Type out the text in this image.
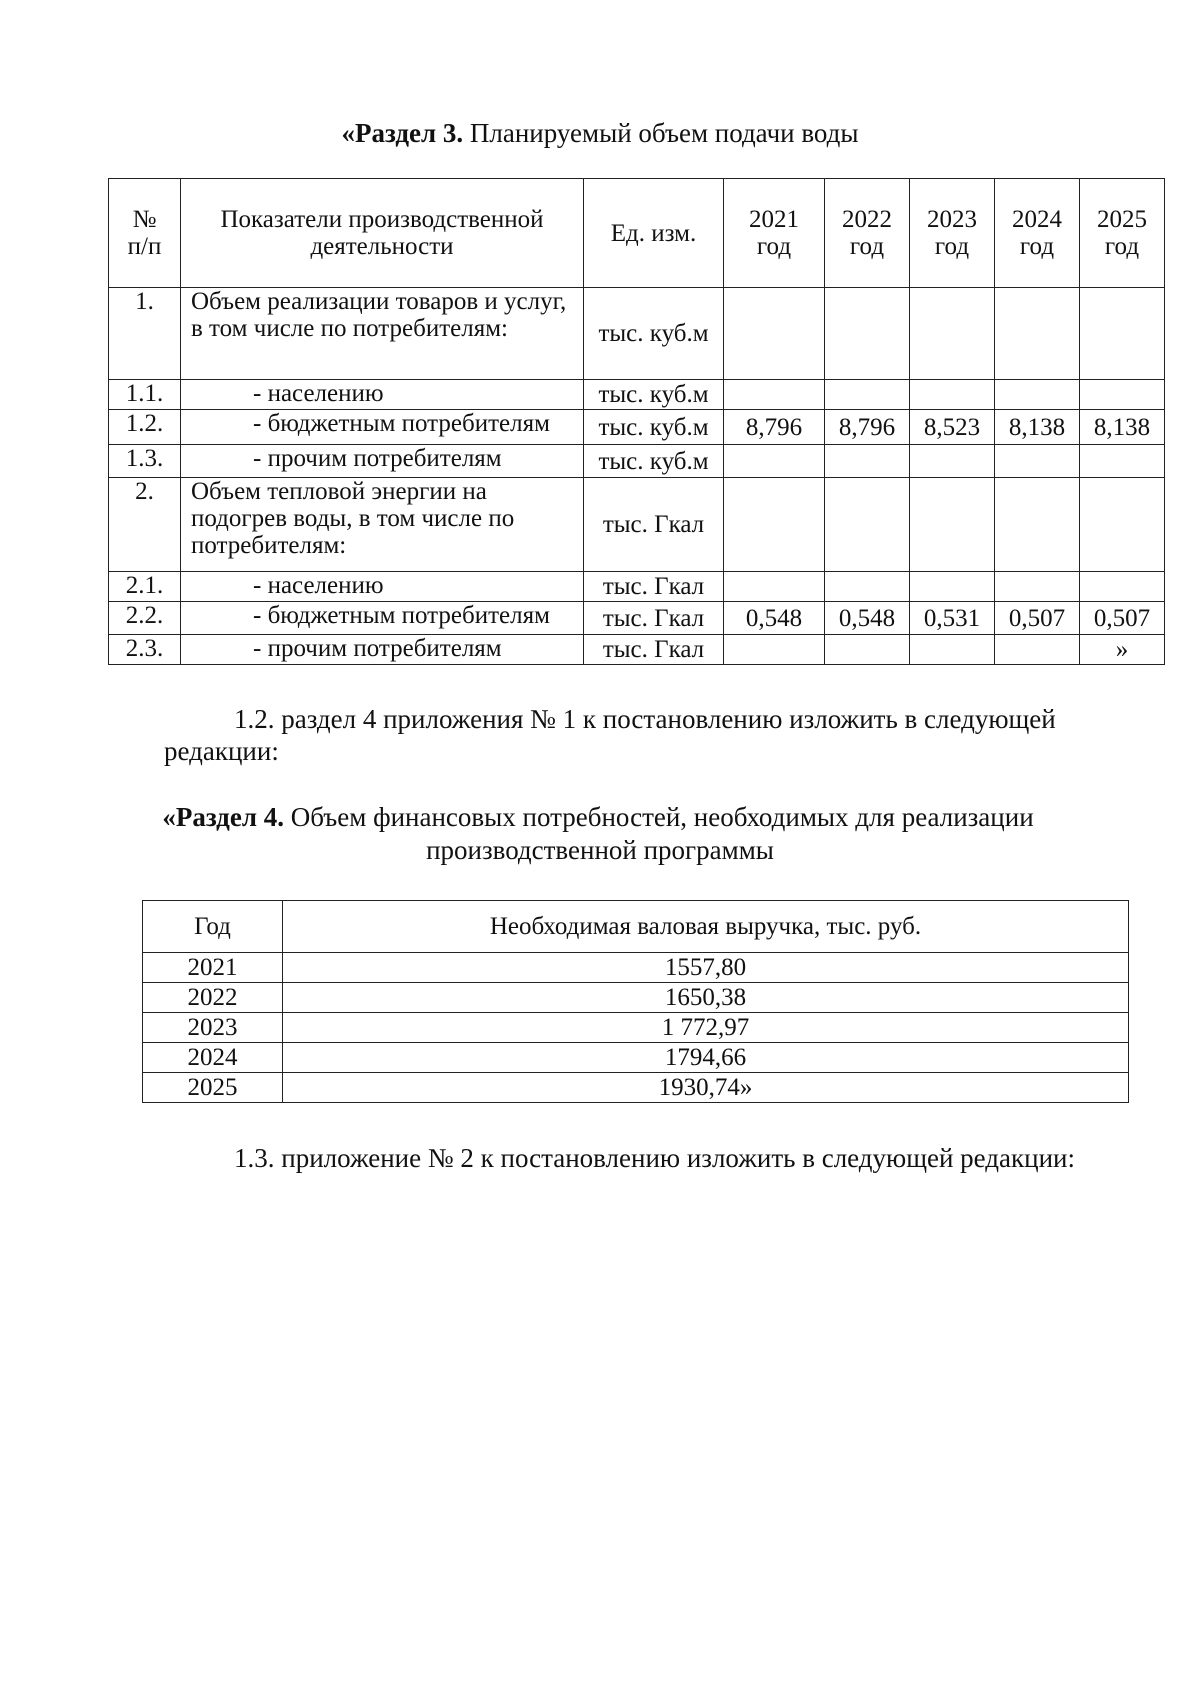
«Раздел 3. Планируемый объем подачи воды
№
п/п	Показатели производственной деятельности	Ед. изм.	2021 год	2022 год	2023 год	2024 год	2025 год
1.	Объем реализации товаров и услуг, в том числе по потребителям:	тыс. куб.м					
1.1.	- населению	тыс. куб.м					
1.2.	- бюджетным потребителям	тыс. куб.м	8,796	8,796	8,523	8,138	8,138
1.3.	- прочим потребителям	тыс. куб.м					
2.	Объем тепловой энергии на подогрев воды, в том числе по потребителям:	тыс. Гкал					
2.1.	- населению	тыс. Гкал					
2.2.	- бюджетным потребителям	тыс. Гкал	0,548	0,548	0,531	0,507	0,507
2.3.	- прочим потребителям	тыс. Гкал					»
1.2. раздел 4 приложения № 1 к постановлению изложить в следующей
редакции:
«Раздел 4. Объем финансовых потребностей, необходимых для реализации
производственной программы
Год	Необходимая валовая выручка, тыс. руб.
2021	1557,80
2022	1650,38
2023	1 772,97
2024	1794,66
2025	1930,74»
1.3. приложение № 2 к постановлению изложить в следующей редакции:
